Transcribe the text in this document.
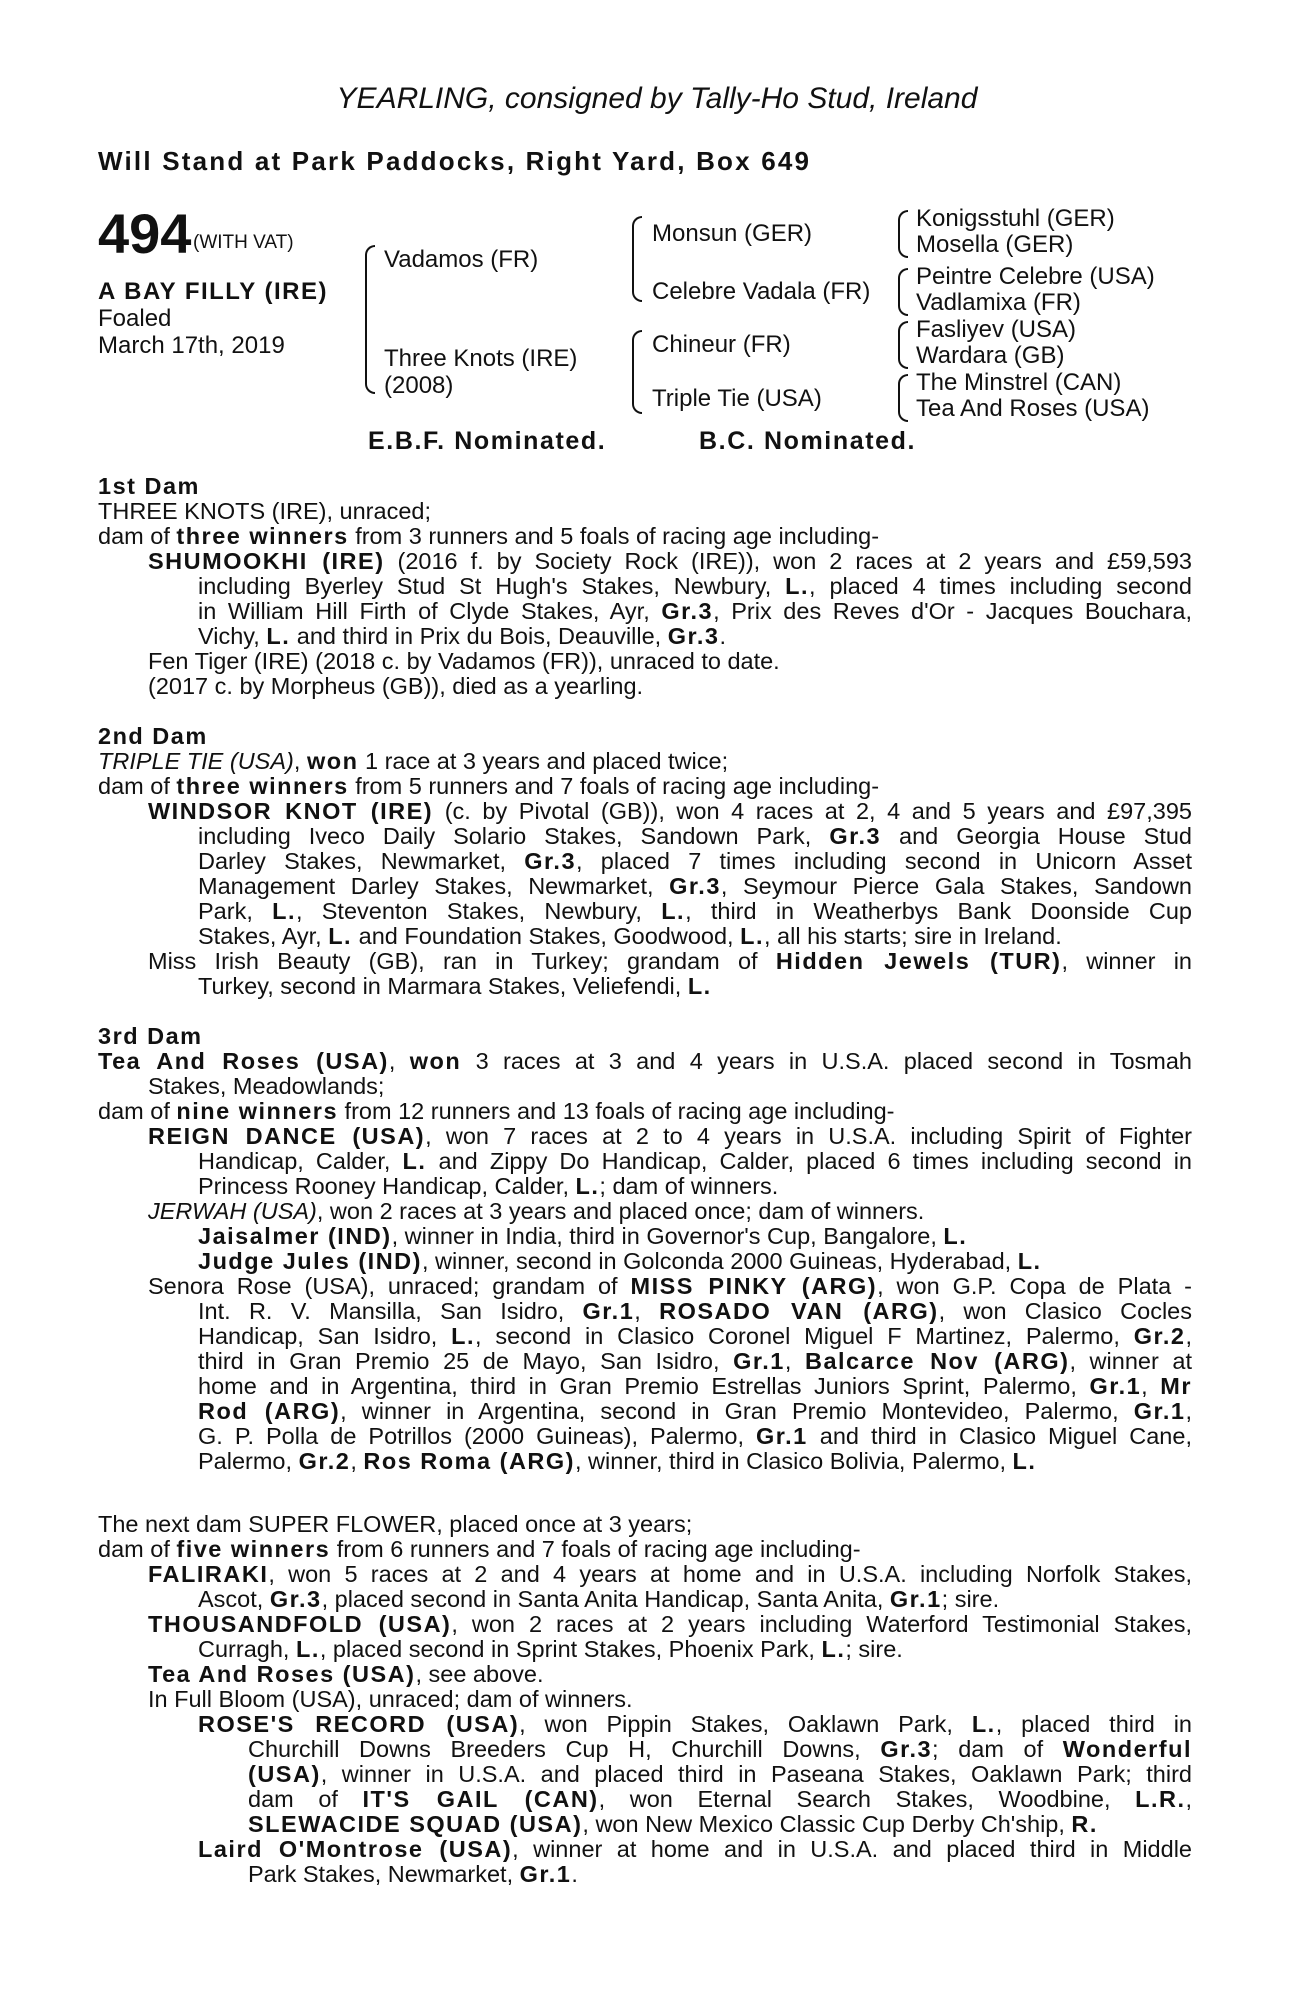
YEARLING, consigned by Tally-Ho Stud, Ireland
Will Stand at Park Paddocks, Right Yard, Box 649
494 (WITH VAT)
A BAY FILLY (IRE)
Foaled
March 17th, 2019
Vadamos (FR)
Three Knots (IRE)
(2008)
Monsun (GER)
Celebre Vadala (FR)
Chineur (FR)
Triple Tie (USA)
Konigsstuhl (GER)
Mosella (GER)
Peintre Celebre (USA)
Vadlamixa (FR)
Fasliyev (USA)
Wardara (GB)
The Minstrel (CAN)
Tea And Roses (USA)
E.B.F. Nominated.	B.C. Nominated.
1st Dam
THREE KNOTS (IRE), unraced;
dam of three winners from 3 runners and 5 foals of racing age including-
SHUMOOKHI (IRE) (2016 f. by Society Rock (IRE)), won 2 races at 2 years and £59,593
including Byerley Stud St Hugh's Stakes, Newbury, L., placed 4 times including second
in William Hill Firth of Clyde Stakes, Ayr, Gr.3, Prix des Reves d'Or - Jacques Bouchara,
Vichy, L. and third in Prix du Bois, Deauville, Gr.3.
Fen Tiger (IRE) (2018 c. by Vadamos (FR)), unraced to date.
(2017 c. by Morpheus (GB)), died as a yearling.
2nd Dam
TRIPLE TIE (USA), won 1 race at 3 years and placed twice;
dam of three winners from 5 runners and 7 foals of racing age including-
WINDSOR KNOT (IRE) (c. by Pivotal (GB)), won 4 races at 2, 4 and 5 years and £97,395
including Iveco Daily Solario Stakes, Sandown Park, Gr.3 and Georgia House Stud
Darley Stakes, Newmarket, Gr.3, placed 7 times including second in Unicorn Asset
Management Darley Stakes, Newmarket, Gr.3, Seymour Pierce Gala Stakes, Sandown
Park, L., Steventon Stakes, Newbury, L., third in Weatherbys Bank Doonside Cup
Stakes, Ayr, L. and Foundation Stakes, Goodwood, L., all his starts; sire in Ireland.
Miss Irish Beauty (GB), ran in Turkey; grandam of Hidden Jewels (TUR), winner in
Turkey, second in Marmara Stakes, Veliefendi, L.
3rd Dam
Tea And Roses (USA), won 3 races at 3 and 4 years in U.S.A. placed second in Tosmah
Stakes, Meadowlands;
dam of nine winners from 12 runners and 13 foals of racing age including-
REIGN DANCE (USA), won 7 races at 2 to 4 years in U.S.A. including Spirit of Fighter
Handicap, Calder, L. and Zippy Do Handicap, Calder, placed 6 times including second in
Princess Rooney Handicap, Calder, L.; dam of winners.
JERWAH (USA), won 2 races at 3 years and placed once; dam of winners.
Jaisalmer (IND), winner in India, third in Governor's Cup, Bangalore, L.
Judge Jules (IND), winner, second in Golconda 2000 Guineas, Hyderabad, L.
Senora Rose (USA), unraced; grandam of MISS PINKY (ARG), won G.P. Copa de Plata -
Int. R. V. Mansilla, San Isidro, Gr.1, ROSADO VAN (ARG), won Clasico Cocles
Handicap, San Isidro, L., second in Clasico Coronel Miguel F Martinez, Palermo, Gr.2,
third in Gran Premio 25 de Mayo, San Isidro, Gr.1, Balcarce Nov (ARG), winner at
home and in Argentina, third in Gran Premio Estrellas Juniors Sprint, Palermo, Gr.1, Mr
Rod (ARG), winner in Argentina, second in Gran Premio Montevideo, Palermo, Gr.1,
G. P. Polla de Potrillos (2000 Guineas), Palermo, Gr.1 and third in Clasico Miguel Cane,
Palermo, Gr.2, Ros Roma (ARG), winner, third in Clasico Bolivia, Palermo, L.
The next dam SUPER FLOWER, placed once at 3 years;
dam of five winners from 6 runners and 7 foals of racing age including-
FALIRAKI, won 5 races at 2 and 4 years at home and in U.S.A. including Norfolk Stakes,
Ascot, Gr.3, placed second in Santa Anita Handicap, Santa Anita, Gr.1; sire.
THOUSANDFOLD (USA), won 2 races at 2 years including Waterford Testimonial Stakes,
Curragh, L., placed second in Sprint Stakes, Phoenix Park, L.; sire.
Tea And Roses (USA), see above.
In Full Bloom (USA), unraced; dam of winners.
ROSE'S RECORD (USA), won Pippin Stakes, Oaklawn Park, L., placed third in
Churchill Downs Breeders Cup H, Churchill Downs, Gr.3; dam of Wonderful
(USA), winner in U.S.A. and placed third in Paseana Stakes, Oaklawn Park; third
dam of IT'S GAIL (CAN), won Eternal Search Stakes, Woodbine, L.R.,
SLEWACIDE SQUAD (USA), won New Mexico Classic Cup Derby Ch'ship, R.
Laird O'Montrose (USA), winner at home and in U.S.A. and placed third in Middle
Park Stakes, Newmarket, Gr.1.
